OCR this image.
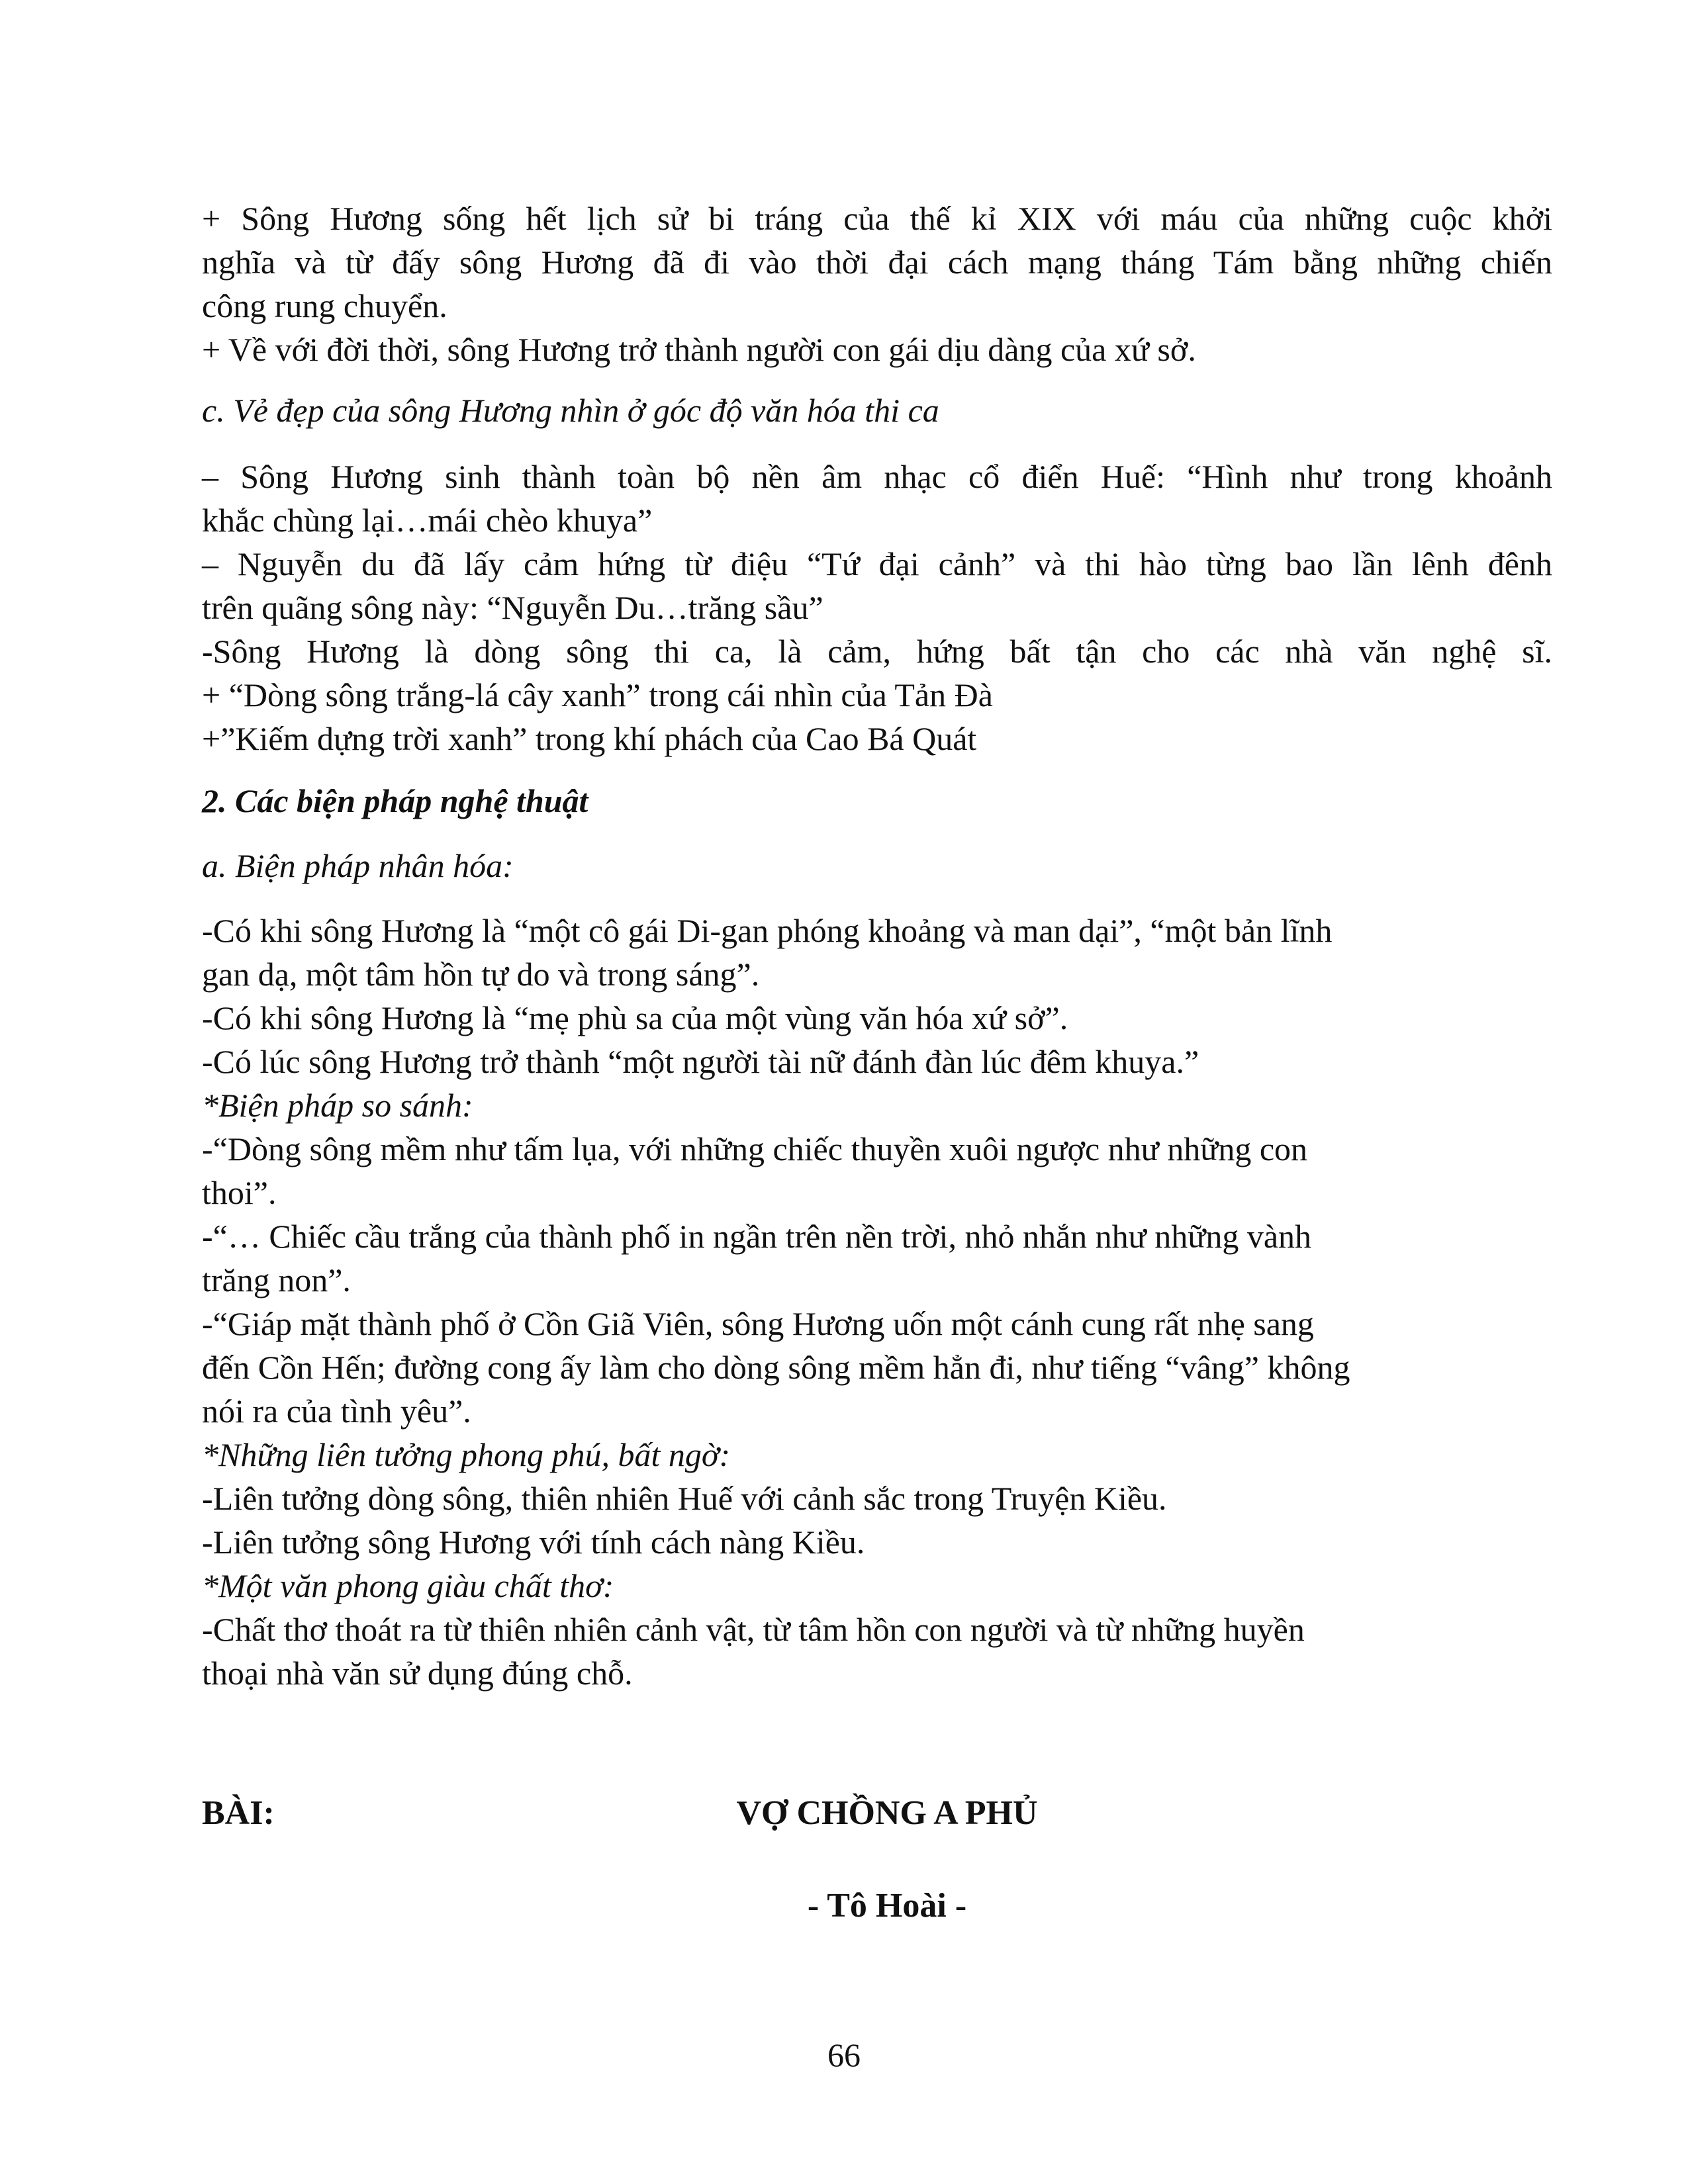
+ Sông Hương sống hết lịch sử bi tráng của thế kỉ XIX với máu của những cuộc khởi
nghĩa và từ đấy sông Hương đã đi vào thời đại cách mạng tháng Tám bằng những chiến
công rung chuyển.
+ Về với đời thời, sông Hương trở thành người con gái dịu dàng của xứ sở.
c. Vẻ đẹp của sông Hương nhìn ở góc độ văn hóa thi ca
– Sông Hương sinh thành toàn bộ nền âm nhạc cổ điển Huế: “Hình như trong khoảnh
khắc chùng lại…mái chèo khuya”
– Nguyễn du đã lấy cảm hứng từ điệu “Tứ đại cảnh” và thi hào từng bao lần lênh đênh
trên quãng sông này: “Nguyễn Du…trăng sầu”
-Sông Hương là dòng sông thi ca, là cảm, hứng bất tận cho các nhà văn nghệ sĩ.
+ “Dòng sông trắng-lá cây xanh” trong cái nhìn của Tản Đà
+”Kiếm dựng trời xanh” trong khí phách của Cao Bá Quát
2. Các biện pháp nghệ thuật
a. Biện pháp nhân hóa:
-Có khi sông Hương là “một cô gái Di-gan phóng khoảng và man dại”, “một bản lĩnh
gan dạ, một tâm hồn tự do và trong sáng”.
-Có khi sông Hương là “mẹ phù sa của một vùng văn hóa xứ sở”.
-Có lúc sông Hương trở thành “một người tài nữ đánh đàn lúc đêm khuya.”
*Biện pháp so sánh:
-“Dòng sông mềm như tấm lụa, với những chiếc thuyền xuôi ngược như những con
thoi”.
-“… Chiếc cầu trắng của thành phố in ngần trên nền trời, nhỏ nhắn như những vành
trăng non”.
-“Giáp mặt thành phố ở Cồn Giã Viên, sông Hương uốn một cánh cung rất nhẹ sang
đến Cồn Hến; đường cong ấy làm cho dòng sông mềm hẳn đi, như tiếng “vâng” không
nói ra của tình yêu”.
*Những liên tưởng phong phú, bất ngờ:
-Liên tưởng dòng sông, thiên nhiên Huế với cảnh sắc trong Truyện Kiều.
-Liên tưởng sông Hương với tính cách nàng Kiều.
*Một văn phong giàu chất thơ:
-Chất thơ thoát ra từ thiên nhiên cảnh vật, từ tâm hồn con người và từ những huyền
thoại nhà văn sử dụng đúng chỗ.
BÀI:	VỢ CHỒNG A PHỦ
- Tô Hoài -
66
